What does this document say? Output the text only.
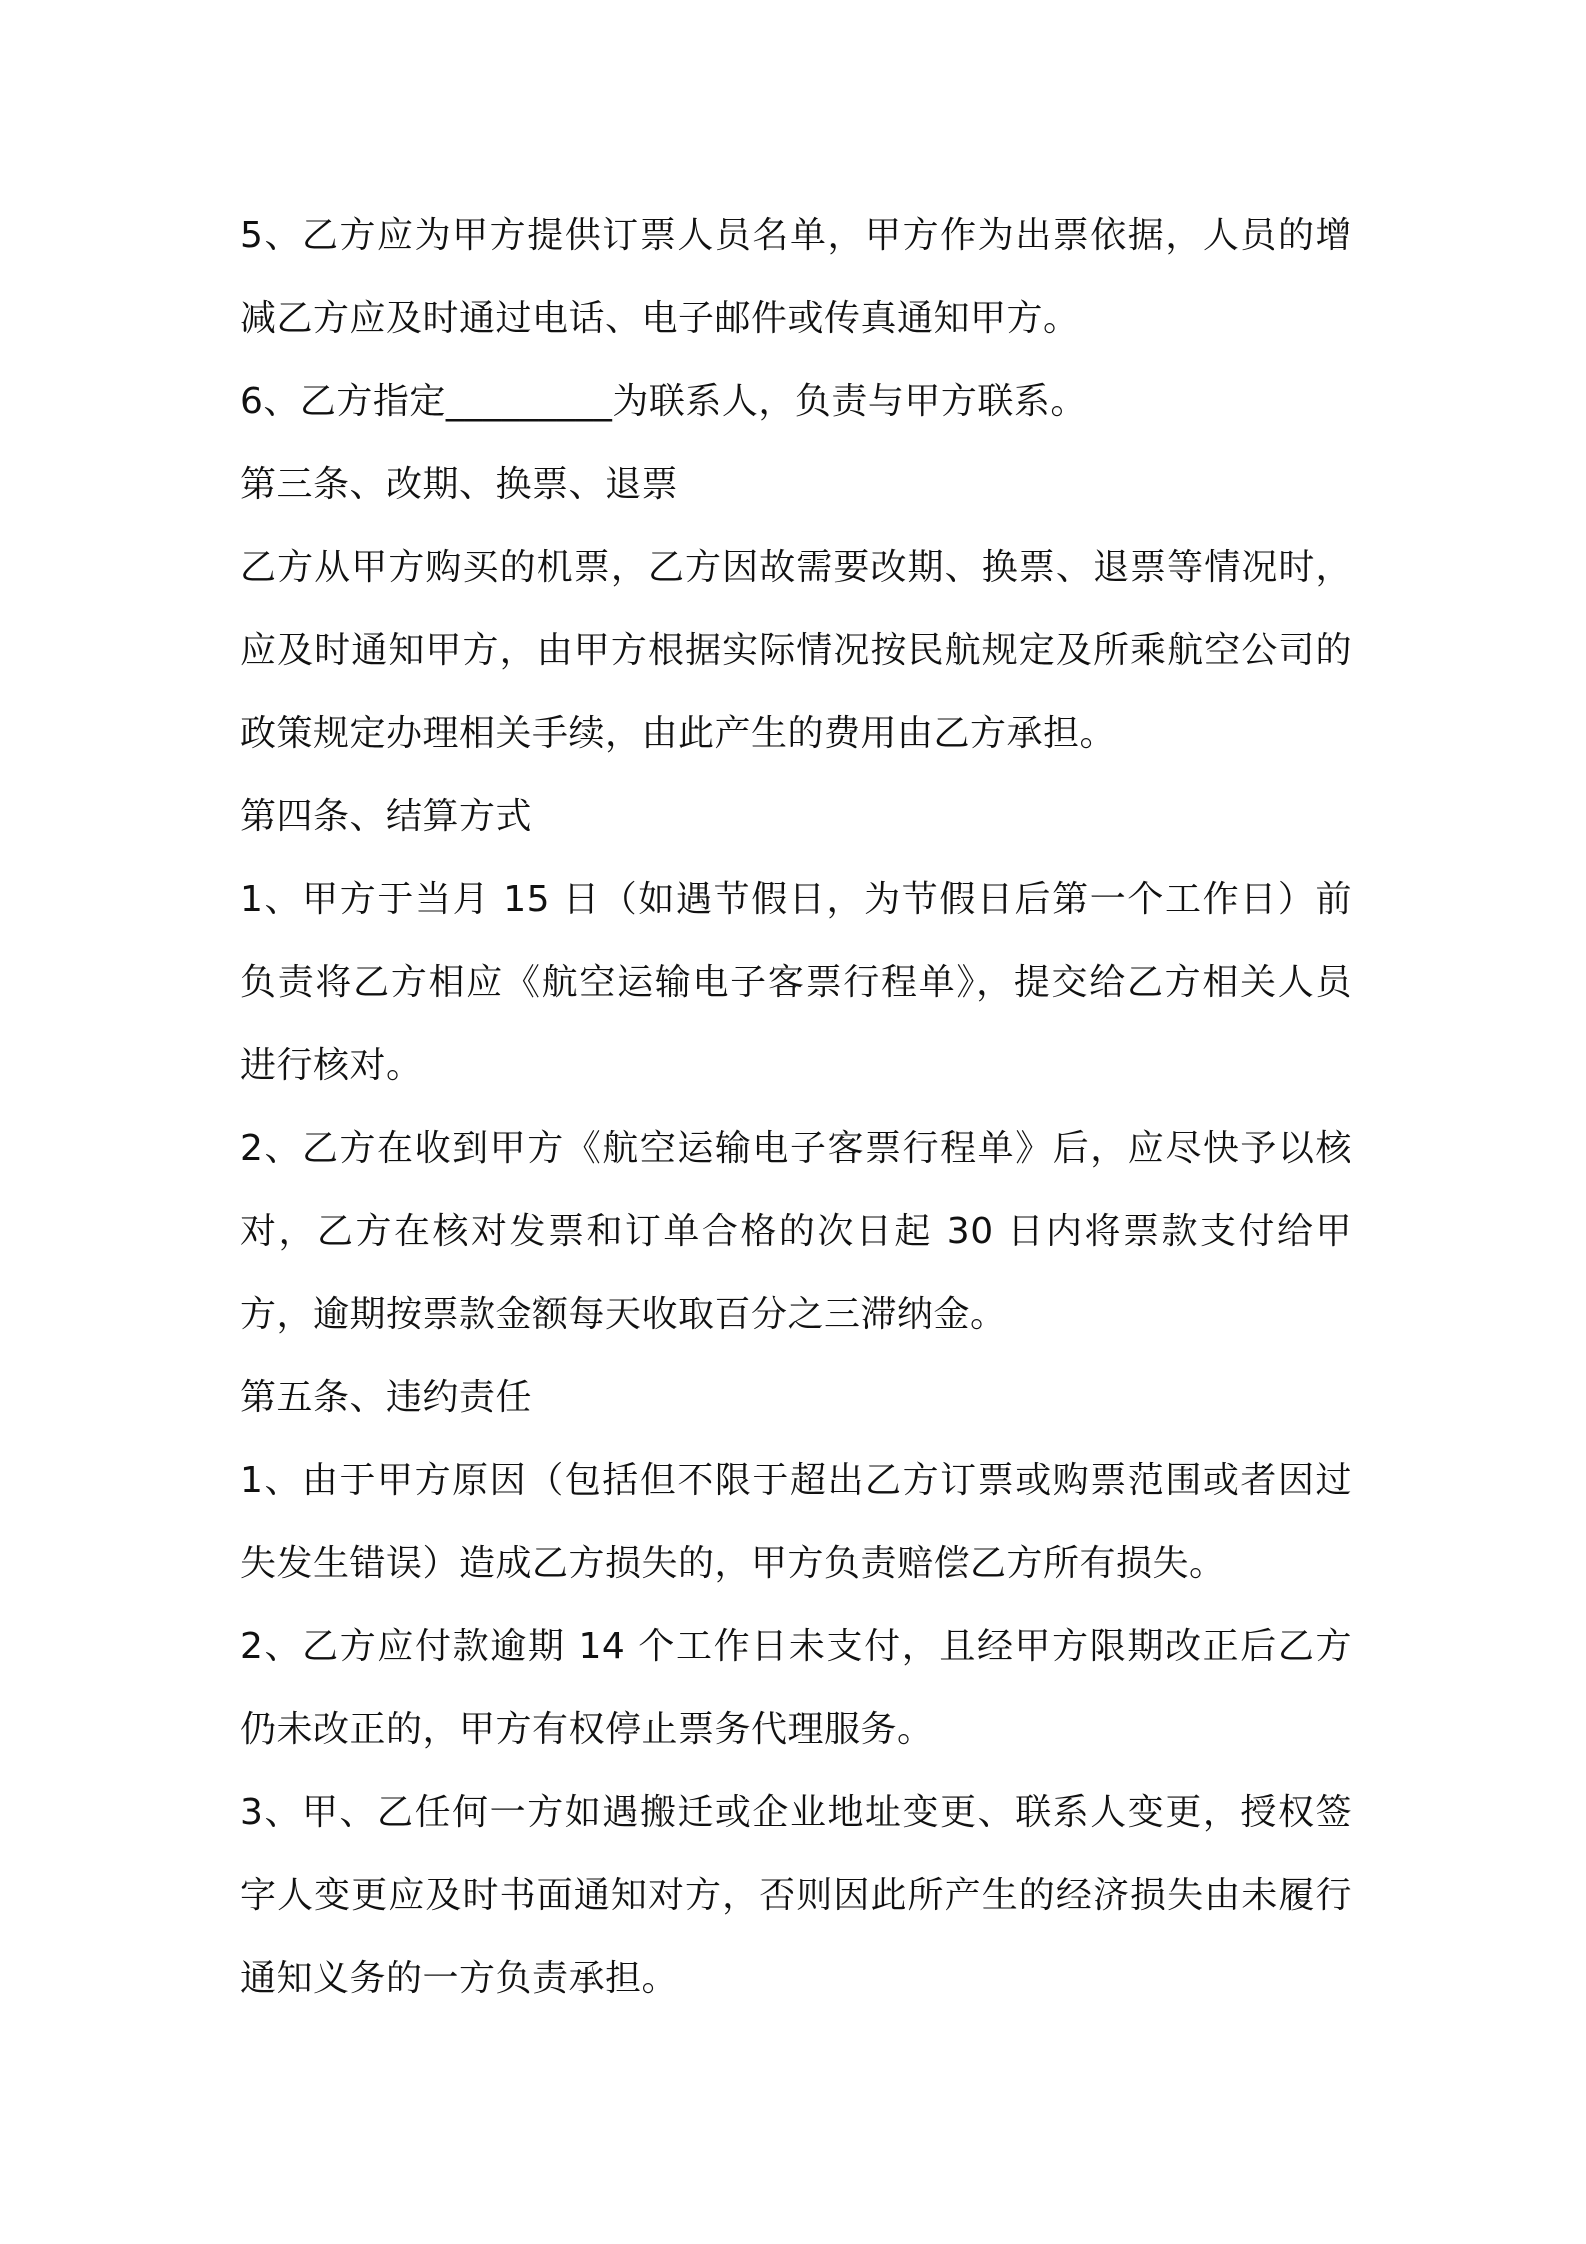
5、乙方应为甲方提供订票人员名单，甲方作为出票依据，人员的增减乙方应及时通过电话、电子邮件或传真通知甲方。

6、乙方指定_________为联系人，负责与甲方联系。

第三条、改期、换票、退票

乙方从甲方购买的机票，乙方因故需要改期、换票、退票等情况时，应及时通知甲方，由甲方根据实际情况按民航规定及所乘航空公司的政策规定办理相关手续，由此产生的费用由乙方承担。

第四条、结算方式

1、甲方于当月 15 日（如遇节假日，为节假日后第一个工作日）前负责将乙方相应《航空运输电子客票行程单》，提交给乙方相关人员进行核对。

2、乙方在收到甲方《航空运输电子客票行程单》后，应尽快予以核对，乙方在核对发票和订单合格的次日起 30 日内将票款支付给甲方，逾期按票款金额每天收取百分之三滞纳金。

第五条、违约责任

1、由于甲方原因（包括但不限于超出乙方订票或购票范围或者因过失发生错误）造成乙方损失的，甲方负责赔偿乙方所有损失。

2、乙方应付款逾期 14 个工作日未支付，且经甲方限期改正后乙方仍未改正的，甲方有权停止票务代理服务。

3、甲、乙任何一方如遇搬迁或企业地址变更、联系人变更，授权签字人变更应及时书面通知对方，否则因此所产生的经济损失由未履行通知义务的一方负责承担。
